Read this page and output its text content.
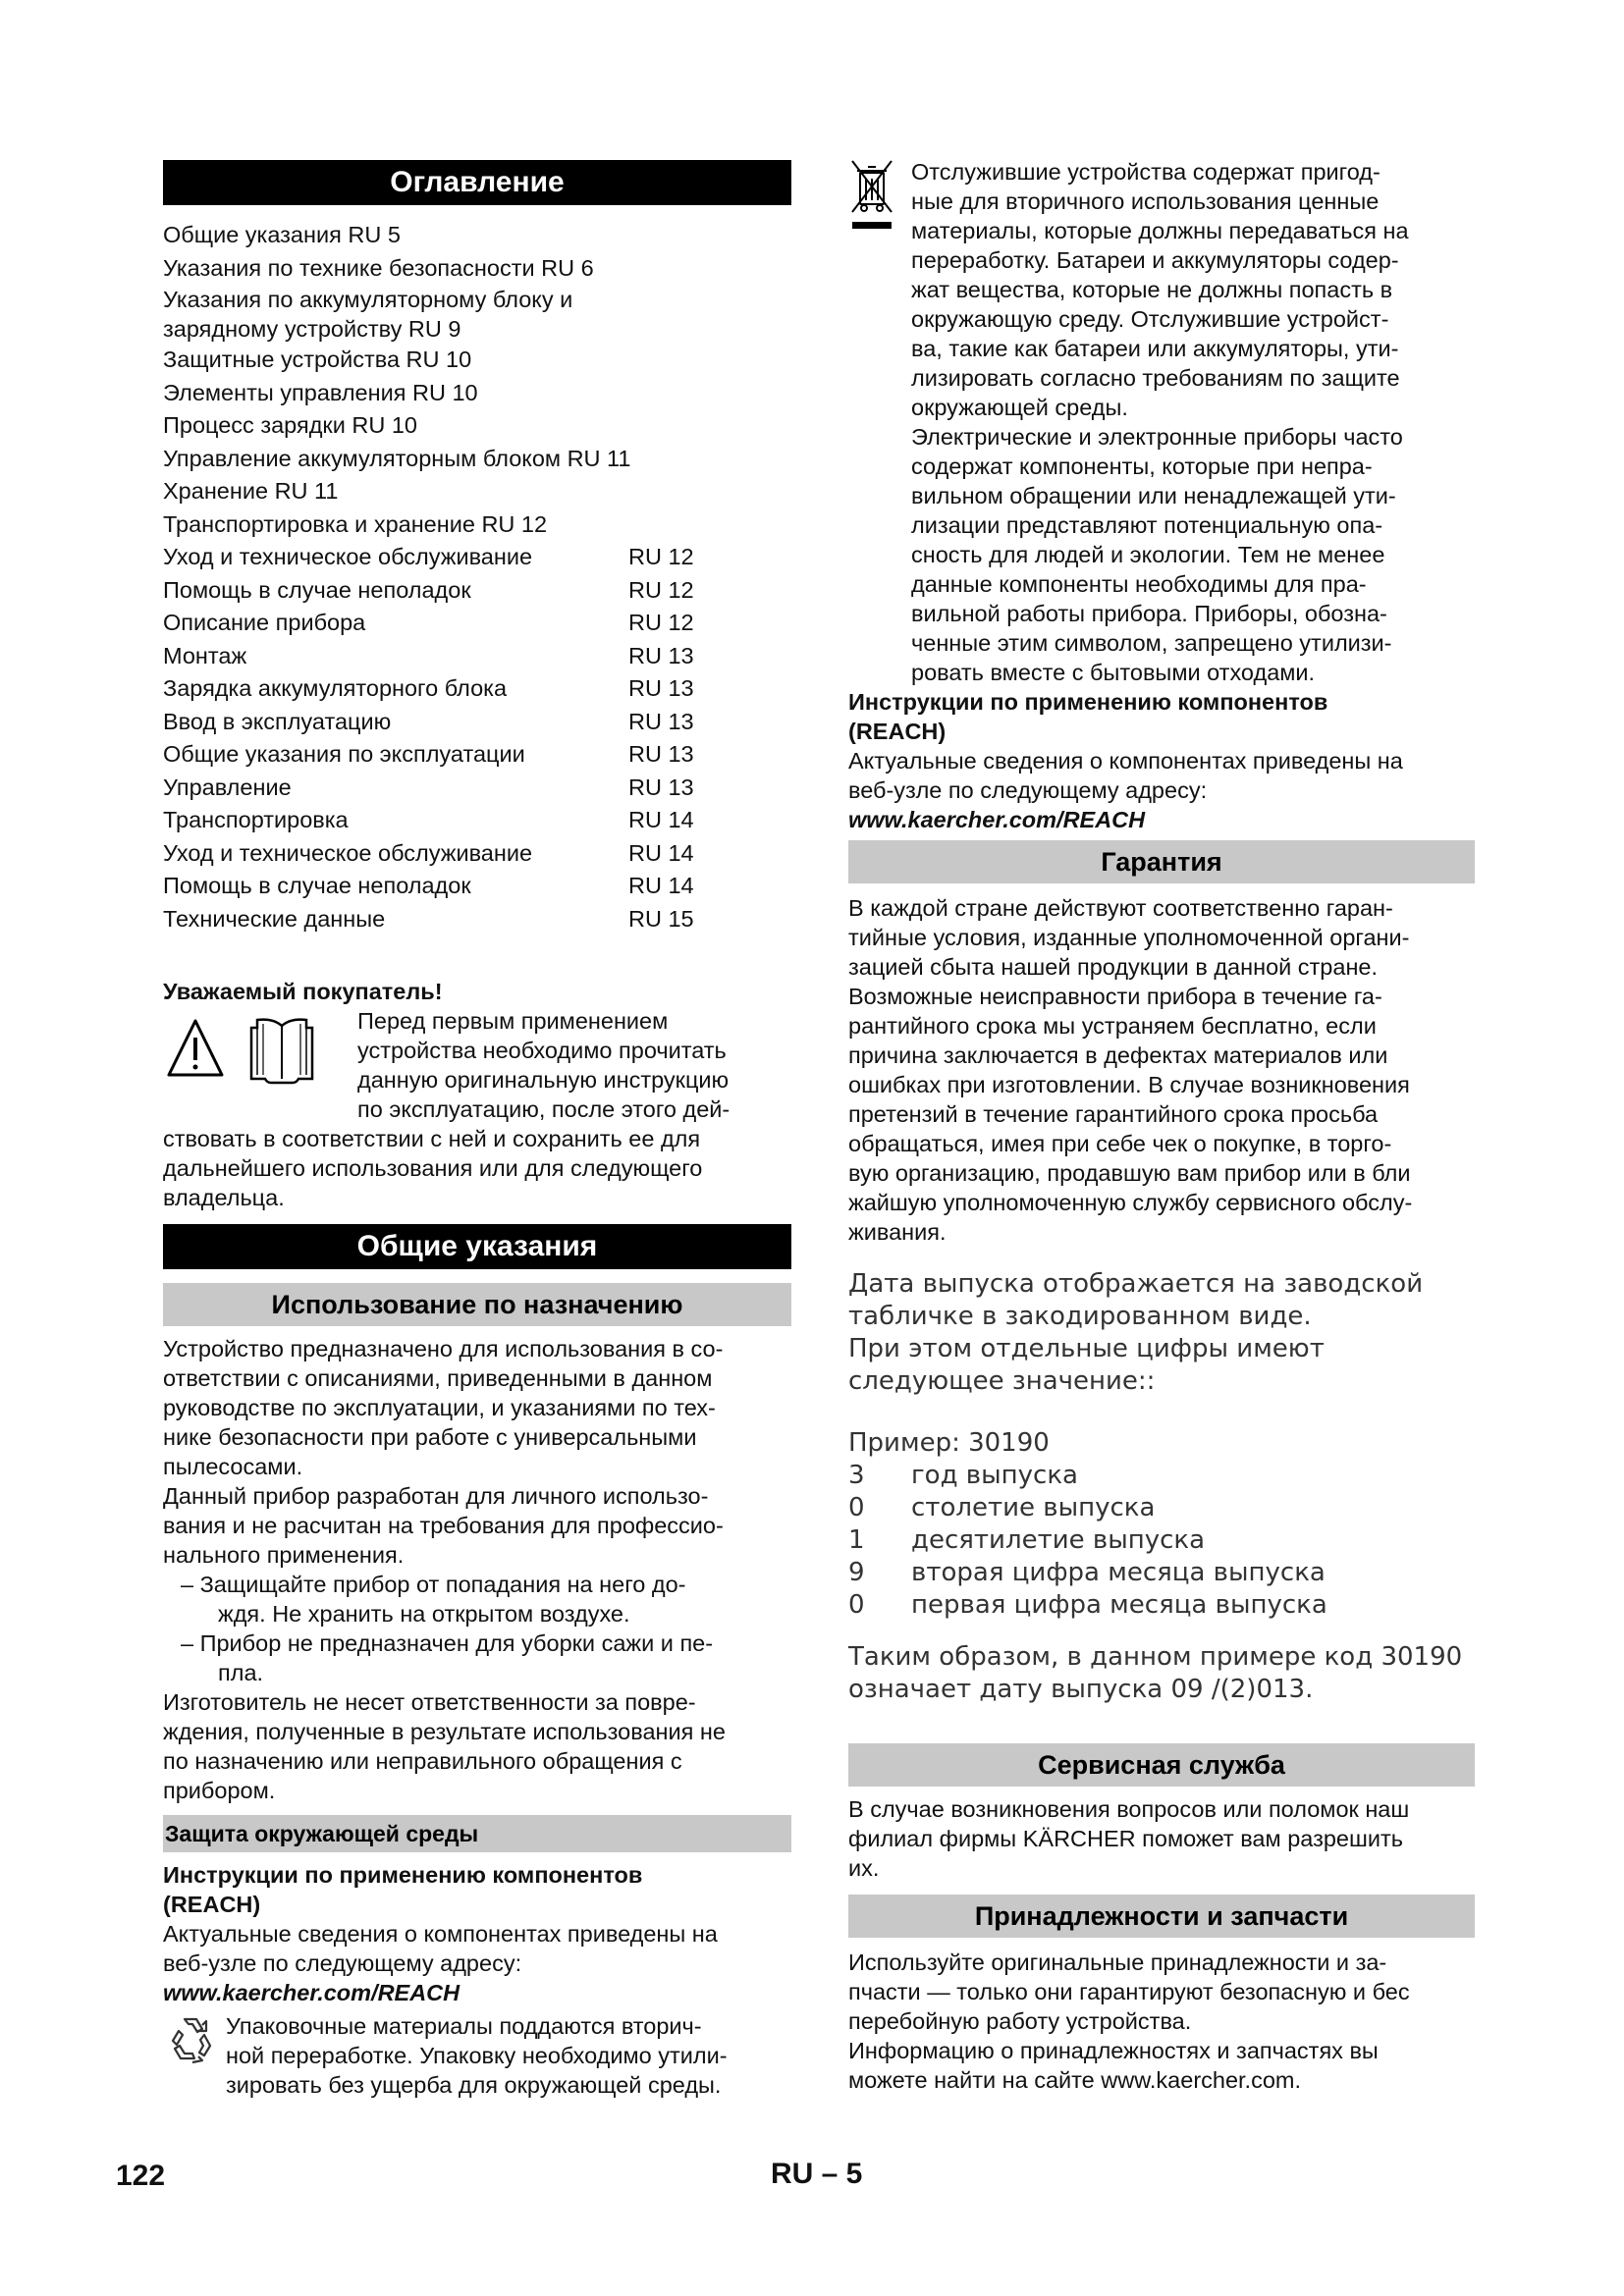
Оглавление
Общие указания RU 5
Указания по технике безопасности RU 6
Указания по аккумуляторному блоку и
зарядному устройству RU 9
Защитные устройства RU 10
Элементы управления RU 10
Процесс зарядки RU 10
Управление аккумуляторным блоком RU 11
Хранение RU 11
Транспортировка и хранение RU 12
Уход и техническое обслуживание	RU 12
Помощь в случае неполадок	RU 12
Описание прибора	RU 12
Монтаж	RU 13
Зарядка аккумуляторного блока	RU 13
Ввод в эксплуатацию	RU 13
Общие указания по эксплуатации	RU 13
Управление	RU 13
Транспортировка	RU 14
Уход и техническое обслуживание	RU 14
Помощь в случае неполадок	RU 14
Технические данные	RU 15
Уважаемый покупатель!

Перед первым применением

устройства необходимо прочитать

данную оригинальную инструкцию

по эксплуатацию, после этого дей-

ствовать в соответствии с ней и сохранить ее для

дальнейшего использования или для следующего

владельца.

Общие указания
Использование по назначению

Устройство предназначено для использования в со-

ответствии с описаниями, приведенными в данном

руководстве по эксплуатации, и указаниями по тех-

нике безопасности при работе с универсальными

пылесосами.

Данный прибор разработан для личного использо-

вания и не расчитан на требования для профессио-

нального применения.

– Защищайте прибор от попадания на него до-

ждя. Не хранить на открытом воздухе.

– Прибор не предназначен для уборки сажи и пе-

пла.

Изготовитель не несет ответственности за повре-

ждения, полученные в результате использования не

по назначению или неправильного обращения с

прибором.

Защита окружающей среды

Инструкции по применению компонентов

(REACH)

Актуальные сведения о компонентах приведены на

веб-узле по следующему адресу:

www.kaercher.com/REACH

Упаковочные материалы поддаются вторич-

ной переработке. Упаковку необходимо утили-

зировать без ущерба для окружающей среды.

Отслужившие устройства содержат пригод-

ные для вторичного использования ценные

материалы, которые должны передаваться на

переработку. Батареи и аккумуляторы содер-

жат вещества, которые не должны попасть в

окружающую среду. Отслужившие устройст-

ва, такие как батареи или аккумуляторы, ути-

лизировать согласно требованиям по защите

окружающей среды.

Электрические и электронные приборы часто

содержат компоненты, которые при непра-

вильном обращении или ненадлежащей ути-

лизации представляют потенциальную опа-

сность для людей и экологии. Тем не менее

данные компоненты необходимы для пра-

вильной работы прибора. Приборы, обозна-

ченные этим символом, запрещено утилизи-

ровать вместе с бытовыми отходами.

Инструкции по применению компонентов

(REACH)

Актуальные сведения о компонентах приведены на

веб-узле по следующему адресу:

www.kaercher.com/REACH

Гарантия

В каждой стране действуют соответственно гаран-

тийные условия, изданные уполномоченной органи-

зацией сбыта нашей продукции в данной стране.

Возможные неисправности прибора в течение га-

рантийного срока мы устраняем бесплатно, если

причина заключается в дефектах материалов или

ошибках при изготовлении. В случае возникновения

претензий в течение гарантийного срока просьба

обращаться, имея при себе чек о покупке, в торго-

вую организацию, продавшую вам прибор или в бли

жайшую уполномоченную службу сервисного обслу-

живания.

Дата выпуска отображается на заводской

табличке в закодированном виде.

При этом отдельные цифры имеют

следующее значение::

Пример: 30190

3	год выпуска
0	столетие выпуска
1	десятилетие выпуска
9	вторая цифра месяца выпуска
0	первая цифра месяца выпуска

Таким образом, в данном примере код 30190

означает дату выпуска 09 /(2)013.

Сервисная служба

В случае возникновения вопросов или поломок наш

филиал фирмы KÄRCHER поможет вам разрешить

их.

Принадлежности и запчасти

Используйте оригинальные принадлежности и за-

пчасти — только они гарантируют безопасную и бес

перебойную работу устройства.

Информацию о принадлежностях и запчастях вы

можете найти на сайте www.kaercher.com.

122	RU – 5
